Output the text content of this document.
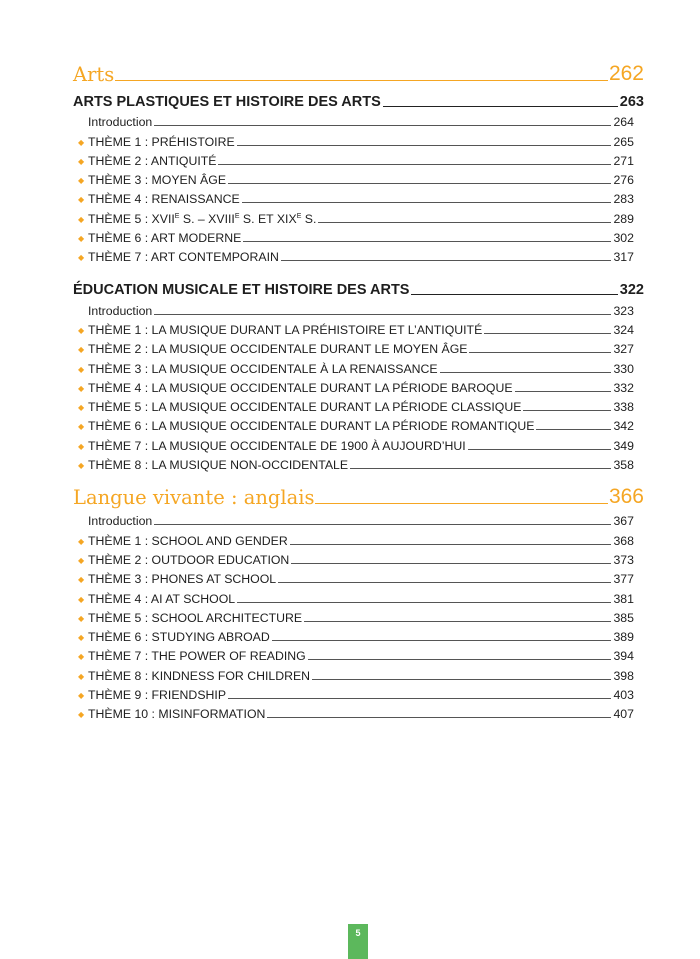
Arts	262
ARTS PLASTIQUES ET HISTOIRE DES ARTS	263
Introduction	264
◆ THÈME 1 : PRÉHISTOIRE	265
◆ THÈME 2 : ANTIQUITÉ	271
◆ THÈME 3 : MOYEN ÂGE	276
◆ THÈME 4 : RENAISSANCE	283
◆ THÈME 5 : $XVII^E$ S. – $XVIII^E$ S. ET $XIX^E$ S.	289
◆ THÈME 6 : ART MODERNE	302
◆ THÈME 7 : ART CONTEMPORAIN	317
ÉDUCATION MUSICALE ET HISTOIRE DES ARTS	322
Introduction	323
◆ THÈME 1 : LA MUSIQUE DURANT LA PRÉHISTOIRE ET L’ANTIQUITÉ	324
◆ THÈME 2 : LA MUSIQUE OCCIDENTALE DURANT LE MOYEN ÂGE	327
◆ THÈME 3 : LA MUSIQUE OCCIDENTALE À LA RENAISSANCE	330
◆ THÈME 4 : LA MUSIQUE OCCIDENTALE DURANT LA PÉRIODE BAROQUE	332
◆ THÈME 5 : LA MUSIQUE OCCIDENTALE DURANT LA PÉRIODE CLASSIQUE	338
◆ THÈME 6 : LA MUSIQUE OCCIDENTALE DURANT LA PÉRIODE ROMANTIQUE	342
◆ THÈME 7 : LA MUSIQUE OCCIDENTALE DE 1900 À AUJOURD’HUI	349
◆ THÈME 8 : LA MUSIQUE NON-OCCIDENTALE	358
Langue vivante : anglais	366
Introduction	367
◆ THÈME 1 : SCHOOL AND GENDER	368
◆ THÈME 2 : OUTDOOR EDUCATION	373
◆ THÈME 3 : PHONES AT SCHOOL	377
◆ THÈME 4 : AI AT SCHOOL	381
◆ THÈME 5 : SCHOOL ARCHITECTURE	385
◆ THÈME 6 : STUDYING ABROAD	389
◆ THÈME 7 : THE POWER OF READING	394
◆ THÈME 8 : KINDNESS FOR CHILDREN	398
◆ THÈME 9 : FRIENDSHIP	403
◆ THÈME 10 : MISINFORMATION	407
5
